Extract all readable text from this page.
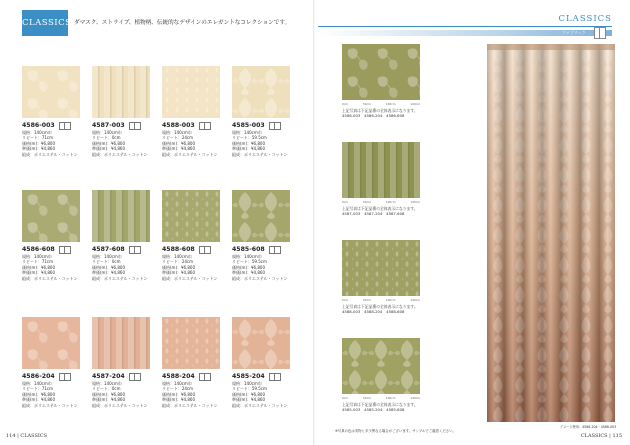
CLASSICS ダマスク、ストライプ、植物柄、伝統的なデザインのエレガントなコレクションです。
4586-003
規格：140cm巾
リピート：71cm
価格(m)：¥6,800
準価(m)：¥4,860
組成：ポリエステル・コットン
4587-003
規格：140cm巾
リピート：0cm
価格(m)：¥6,800
準価(m)：¥4,860
組成：ポリエステル・コットン
4588-003
規格：140cm巾
リピート：24cm
価格(m)：¥6,800
準価(m)：¥4,860
組成：ポリエステル・コットン
4585-003
規格：140cm巾
リピート：59.5cm
価格(m)：¥6,800
準価(m)：¥4,860
組成：ポリエステル・コットン
4586-608
規格：140cm巾
リピート：71cm
価格(m)：¥6,800
準価(m)：¥4,860
組成：ポリエステル・コットン
4587-608
規格：140cm巾
リピート：0cm
価格(m)：¥6,800
準価(m)：¥4,860
組成：ポリエステル・コットン
4588-608
規格：140cm巾
リピート：24cm
価格(m)：¥6,800
準価(m)：¥4,860
組成：ポリエステル・コットン
4585-608
規格：140cm巾
リピート：59.5cm
価格(m)：¥6,800
準価(m)：¥4,860
組成：ポリエステル・コットン
4586-204
規格：140cm巾
リピート：71cm
価格(m)：¥6,800
準価(m)：¥4,860
組成：ポリエステル・コットン
4587-204
規格：140cm巾
リピート：0cm
価格(m)：¥6,800
準価(m)：¥4,860
組成：ポリエステル・コットン
4588-204
規格：140cm巾
リピート：24cm
価格(m)：¥6,800
準価(m)：¥4,860
組成：ポリエステル・コットン
4585-204
規格：140cm巾
リピート：59.5cm
価格(m)：¥6,800
準価(m)：¥4,860
組成：ポリエステル・コットン
114 | CLASSICS
CLASSICS
ファブリック
0cm	50cm	100cm	140cm
上記写真は下記品番の全体表示になります。
4586-003　4586-204　4586-608
0cm	50cm	100cm	140cm
上記写真は下記品番の全体表示になります。
4587-003　4587-204　4587-608
0cm	50cm	100cm	140cm
上記写真は下記品番の全体表示になります。
4588-003　4588-204　4588-608
0cm	50cm	100cm	140cm
上記写真は下記品番の全体表示になります。
4585-003　4585-204　4585-608
イメージ使用：4586-204・4586-003
※写真の色は実物と多少異なる場合がございます。サンプルでご確認ください。
CLASSICS | 115
